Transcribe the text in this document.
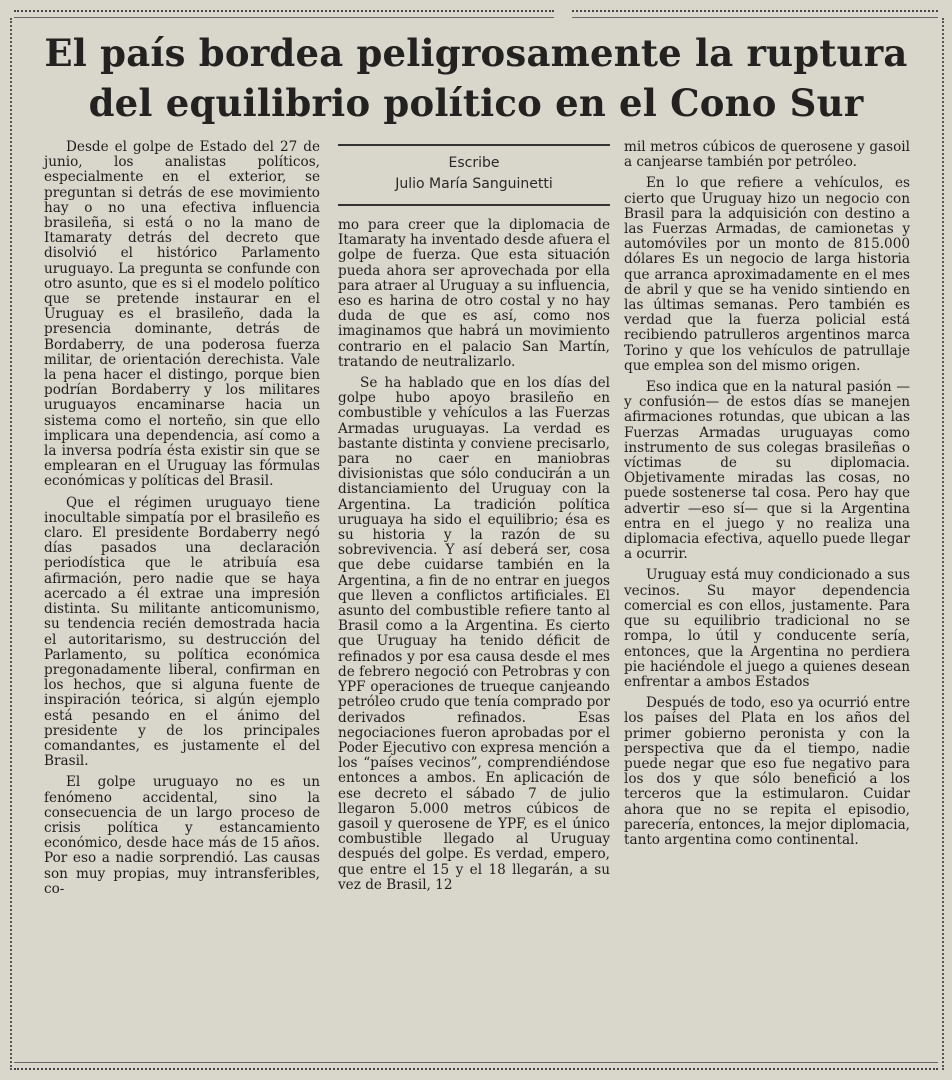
El país bordea peligrosamente la ruptura
del equilibrio político en el Cono Sur

Desde el golpe de Estado del 27 de junio, los analistas políticos, especialmente en el exterior, se preguntan si detrás de ese movimiento hay o no una efectiva influencia brasileña, si está o no la mano de Itamaraty detrás del decreto que disolvió el histórico Parlamento uruguayo. La pregunta se confunde con otro asunto, que es si el modelo político que se pretende instaurar en el Uruguay es el brasileño, dada la presencia dominante, detrás de Bordaberry, de una poderosa fuerza militar, de orientación derechista. Vale la pena hacer el distingo, porque bien podrían Bordaberry y los militares uruguayos encaminarse hacia un sistema como el norteño, sin que ello implicara una dependencia, así como a la inversa podría ésta existir sin que se emplearan en el Uruguay las fórmulas económicas y políticas del Brasil.

Que el régimen uruguayo tiene inocultable simpatía por el brasileño es claro. El presidente Bordaberry negó días pasados una declaración periodística que le atribuía esa afirmación, pero nadie que se haya acercado a él extrae una impresión distinta. Su militante anticomunismo, su tendencia recién demostrada hacia el autoritarismo, su destrucción del Parlamento, su política económica pregonadamente liberal, confirman en los hechos, que si alguna fuente de inspiración teórica, si algún ejemplo está pesando en el ánimo del presidente y de los principales comandantes, es justamente el del Brasil.

El golpe uruguayo no es un fenómeno accidental, sino la consecuencia de un largo proceso de crisis política y estancamiento económico, desde hace más de 15 años. Por eso a nadie sorprendió. Las causas son muy propias, muy intransferibles, co-

Escribe
Julio María Sanguinetti

mo para creer que la diplomacia de Itamaraty ha inventado desde afuera el golpe de fuerza. Que esta situación pueda ahora ser aprovechada por ella para atraer al Uruguay a su influencia, eso es harina de otro costal y no hay duda de que es así, como nos imaginamos que habrá un movimiento contrario en el palacio San Martín, tratando de neutralizarlo.

Se ha hablado que en los días del golpe hubo apoyo brasileño en combustible y vehículos a las Fuerzas Armadas uruguayas. La verdad es bastante distinta y conviene precisarlo, para no caer en maniobras divisionistas que sólo conducirán a un distanciamiento del Uruguay con la Argentina. La tradición política uruguaya ha sido el equilibrio; ésa es su historia y la razón de su sobrevivencia. Y así deberá ser, cosa que debe cuidarse también en la Argentina, a fin de no entrar en juegos que lleven a conflictos artificiales. El asunto del combustible refiere tanto al Brasil como a la Argentina. Es cierto que Uruguay ha tenido déficit de refinados y por esa causa desde el mes de febrero negoció con Petrobras y con YPF operaciones de trueque canjeando petróleo crudo que tenía comprado por derivados refinados. Esas negociaciones fueron aprobadas por el Poder Ejecutivo con expresa mención a los “países vecinos”, comprendiéndose entonces a ambos. En aplicación de ese decreto el sábado 7 de julio llegaron 5.000 metros cúbicos de gasoil y querosene de YPF, es el único combustible llegado al Uruguay después del golpe. Es verdad, empero, que entre el 15 y el 18 llegarán, a su vez de Brasil, 12

mil metros cúbicos de querosene y gasoil a canjearse también por petróleo.

En lo que refiere a vehículos, es cierto que Uruguay hizo un negocio con Brasil para la adquisición con destino a las Fuerzas Armadas, de camionetas y automóviles por un monto de 815.000 dólares Es un negocio de larga historia que arranca aproximadamente en el mes de abril y que se ha venido sintiendo en las últimas semanas. Pero también es verdad que la fuerza policial está recibiendo patrulleros argentinos marca Torino y que los vehículos de patrullaje que emplea son del mismo origen.

Eso indica que en la natural pasión —y confusión— de estos días se manejen afirmaciones rotundas, que ubican a las Fuerzas Armadas uruguayas como instrumento de sus colegas brasileñas o víctimas de su diplomacia. Objetivamente miradas las cosas, no puede sostenerse tal cosa. Pero hay que advertir —eso sí— que si la Argentina entra en el juego y no realiza una diplomacia efectiva, aquello puede llegar a ocurrir.

Uruguay está muy condicionado a sus vecinos. Su mayor dependencia comercial es con ellos, justamente. Para que su equilibrio tradicional no se rompa, lo útil y conducente sería, entonces, que la Argentina no perdiera pie haciéndole el juego a quienes desean enfrentar a ambos Estados

Después de todo, eso ya ocurrió entre los países del Plata en los años del primer gobierno peronista y con la perspectiva que da el tiempo, nadie puede negar que eso fue negativo para los dos y que sólo benefició a los terceros que la estimularon. Cuidar ahora que no se repita el episodio, parecería, entonces, la mejor diplomacia, tanto argentina como continental.
